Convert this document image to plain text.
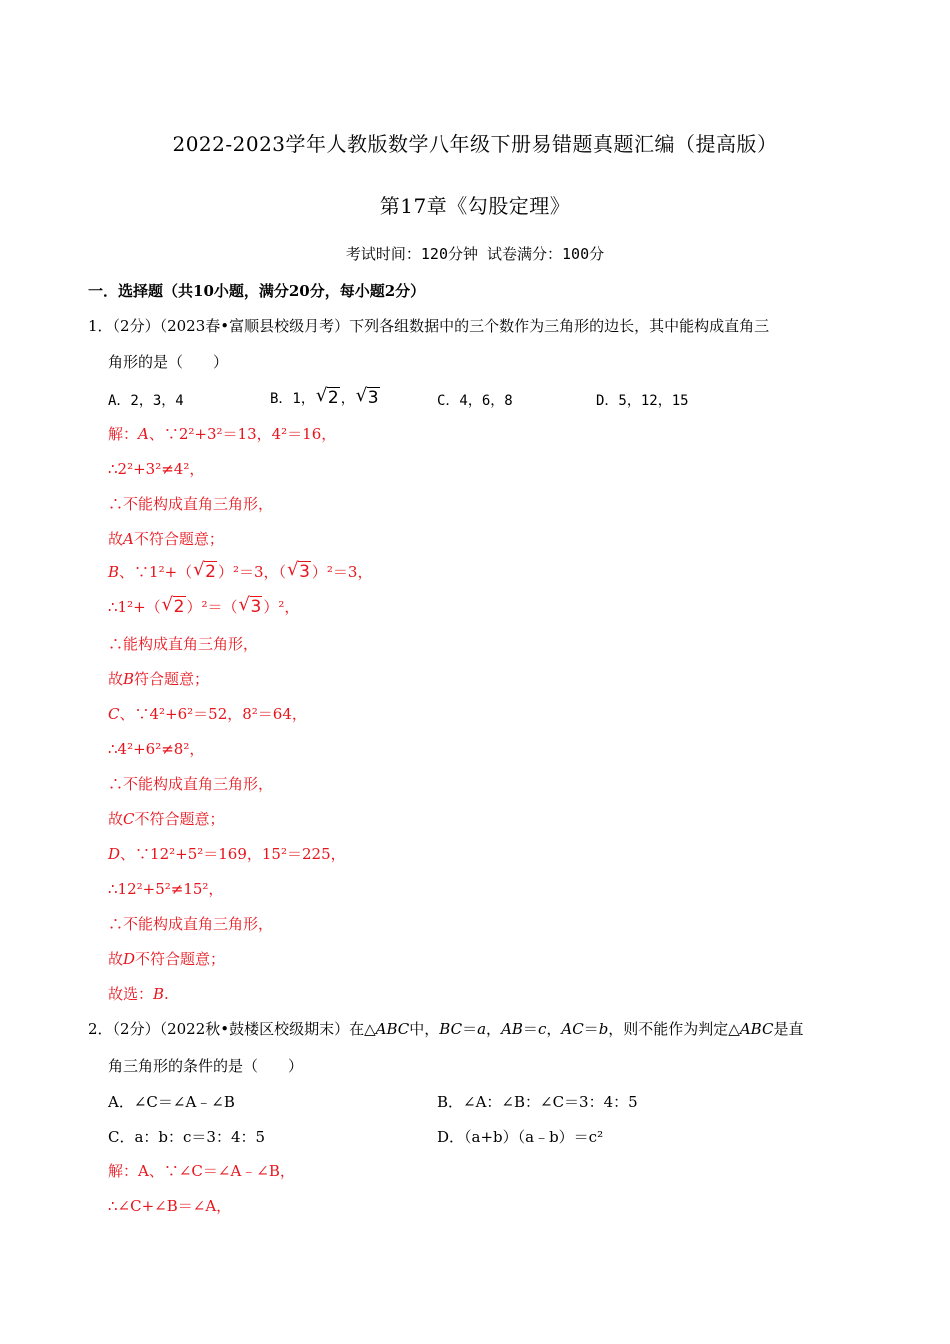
2022-2023学年人教版数学八年级下册易错题真题汇编（提高版）
第17章《勾股定理》
考试时间：120分钟 试卷满分：100分
一．选择题（共10小题，满分20分，每小题2分）
1．（2分）（2023春•富顺县校级月考）下列各组数据中的三个数作为三角形的边长，其中能构成直角三
角形的是（　　）
A．2，3，4	B．1， √ 2 ， √ 3	C．4，6，8	D．5，12，15
解：A、∵2²+3²＝13，4²＝16，
∴2²+3²≠4²，
∴不能构成直角三角形，
故A不符合题意；
B、∵1²+（ √ 2 ）²＝3，（ √ 3 ）²＝3，
∴1²+（ √ 2 ）²＝（ √ 3 ）²，
∴能构成直角三角形，
故B符合题意；
C、∵4²+6²＝52，8²＝64，
∴4²+6²≠8²，
∴不能构成直角三角形，
故C不符合题意；
D、∵12²+5²＝169，15²＝225，
∴12²+5²≠15²，
∴不能构成直角三角形，
故D不符合题意；
故选：B.
2．（2分）（2022秋•鼓楼区校级期末）在△ABC中，BC＝a，AB＝c，AC＝b，则不能作为判定△ABC是直
角三角形的条件的是（　　）
A．∠C＝∠A﹣∠B	B．∠A：∠B：∠C＝3：4：5
C．a：b：c＝3：4：5	D．（a+b）（a﹣b）＝c²
解：A、∵∠C＝∠A﹣∠B，
∴∠C+∠B＝∠A，
